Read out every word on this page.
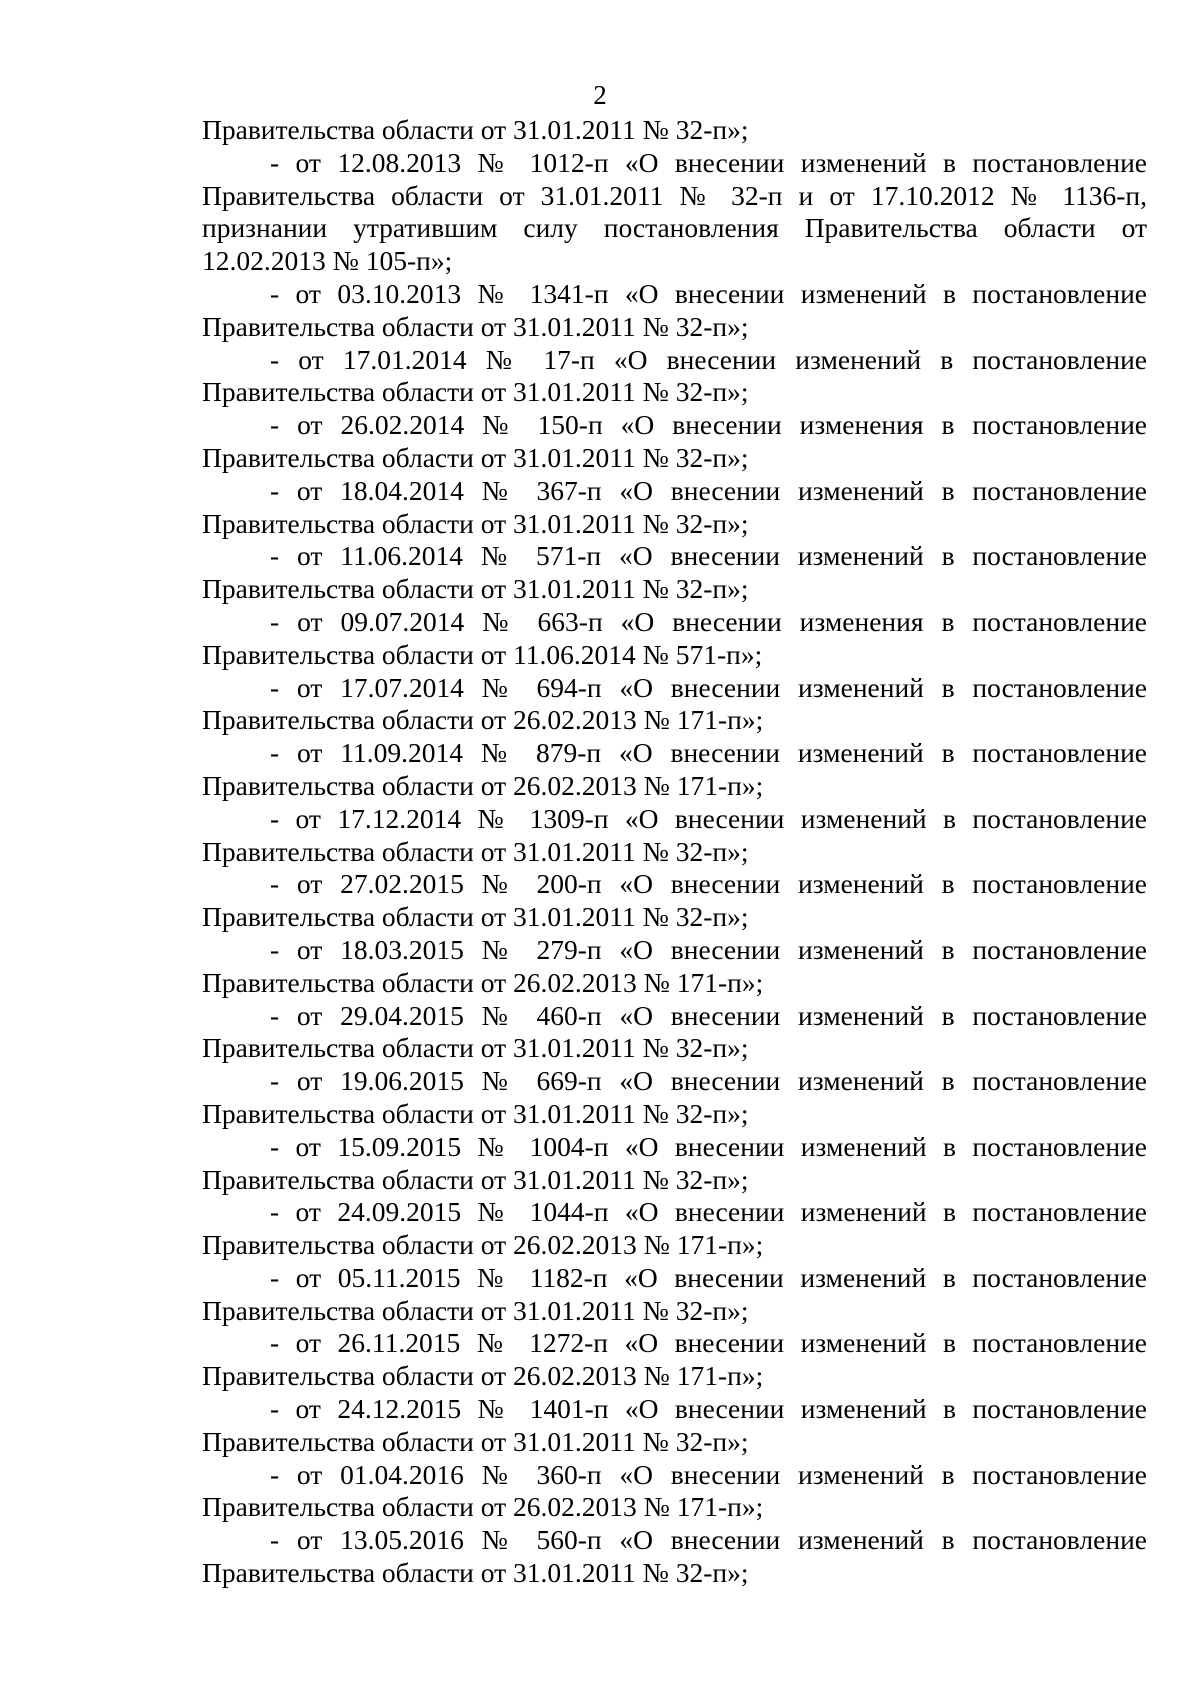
2

Правительства области от 31.01.2011 № 32-п»;

- от 12.08.2013 № 1012-п «О внесении изменений в постановление Правительства области от 31.01.2011 № 32-п и от 17.10.2012 № 1136-п, признании утратившим силу постановления Правительства области от 12.02.2013 № 105-п»;

- от 03.10.2013 № 1341-п «О внесении изменений в постановление Правительства области от 31.01.2011 № 32-п»;

- от 17.01.2014 № 17-п «О внесении изменений в постановление Правительства области от 31.01.2011 № 32-п»;

- от 26.02.2014 № 150-п «О внесении изменения в постановление Правительства области от 31.01.2011 № 32-п»;

- от 18.04.2014 № 367-п «О внесении изменений в постановление Правительства области от 31.01.2011 № 32-п»;

- от 11.06.2014 № 571-п «О внесении изменений в постановление Правительства области от 31.01.2011 № 32-п»;

- от 09.07.2014 № 663-п «О внесении изменения в постановление Правительства области от 11.06.2014 № 571-п»;

- от 17.07.2014 № 694-п «О внесении изменений в постановление Правительства области от 26.02.2013 № 171-п»;

- от 11.09.2014 № 879-п «О внесении изменений в постановление Правительства области от 26.02.2013 № 171-п»;

- от 17.12.2014 № 1309-п «О внесении изменений в постановление Правительства области от 31.01.2011 № 32-п»;

- от 27.02.2015 № 200-п «О внесении изменений в постановление Правительства области от 31.01.2011 № 32-п»;

- от 18.03.2015 № 279-п «О внесении изменений в постановление Правительства области от 26.02.2013 № 171-п»;

- от 29.04.2015 № 460-п «О внесении изменений в постановление Правительства области от 31.01.2011 № 32-п»;

- от 19.06.2015 № 669-п «О внесении изменений в постановление Правительства области от 31.01.2011 № 32-п»;

- от 15.09.2015 № 1004-п «О внесении изменений в постановление Правительства области от 31.01.2011 № 32-п»;

- от 24.09.2015 № 1044-п «О внесении изменений в постановление Правительства области от 26.02.2013 № 171-п»;

- от 05.11.2015 № 1182-п «О внесении изменений в постановление Правительства области от 31.01.2011 № 32-п»;

- от 26.11.2015 № 1272-п «О внесении изменений в постановление Правительства области от 26.02.2013 № 171-п»;

- от 24.12.2015 № 1401-п «О внесении изменений в постановление Правительства области от 31.01.2011 № 32-п»;

- от 01.04.2016 № 360-п «О внесении изменений в постановление Правительства области от 26.02.2013 № 171-п»;

- от 13.05.2016 № 560-п «О внесении изменений в постановление Правительства области от 31.01.2011 № 32-п»;
